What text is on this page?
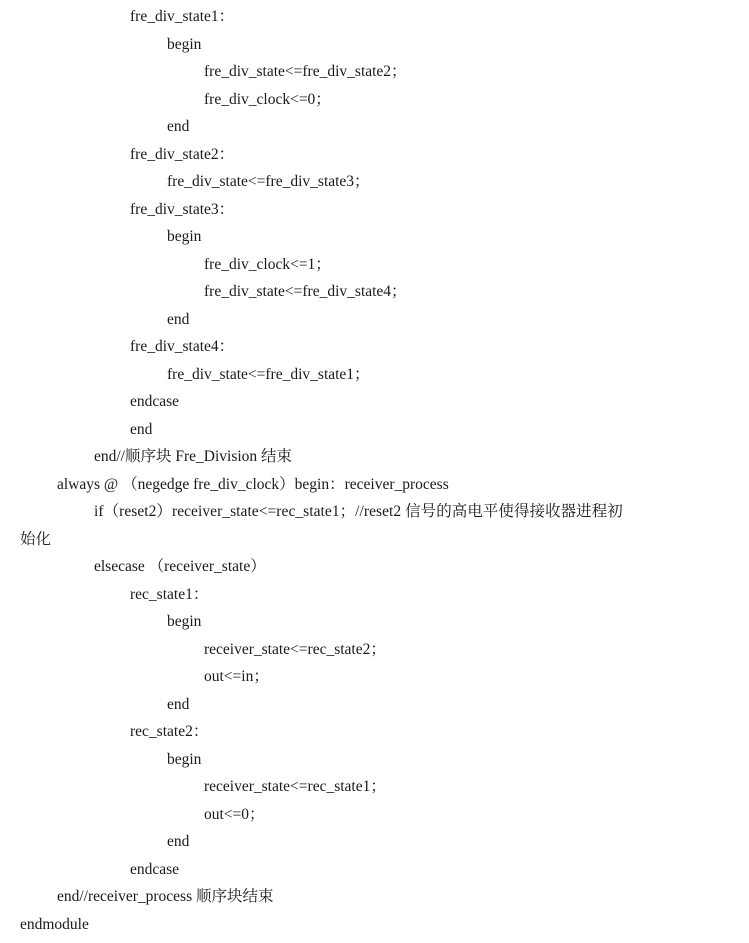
fre_div_state1：
begin
fre_div_state<=fre_div_state2；
fre_div_clock<=0；
end
fre_div_state2：
fre_div_state<=fre_div_state3；
fre_div_state3：
begin
fre_div_clock<=1；
fre_div_state<=fre_div_state4；
end
fre_div_state4：
fre_div_state<=fre_div_state1；
endcase
end
end//顺序块 Fre_Division 结束
always @ （negedge fre_div_clock）begin：receiver_process
if（reset2）receiver_state<=rec_state1；//reset2 信号的高电平使得接收器进程初
始化
elsecase （receiver_state）
rec_state1：
begin
receiver_state<=rec_state2；
out<=in；
end
rec_state2：
begin
receiver_state<=rec_state1；
out<=0；
end
endcase
end//receiver_process 顺序块结束
endmodule
